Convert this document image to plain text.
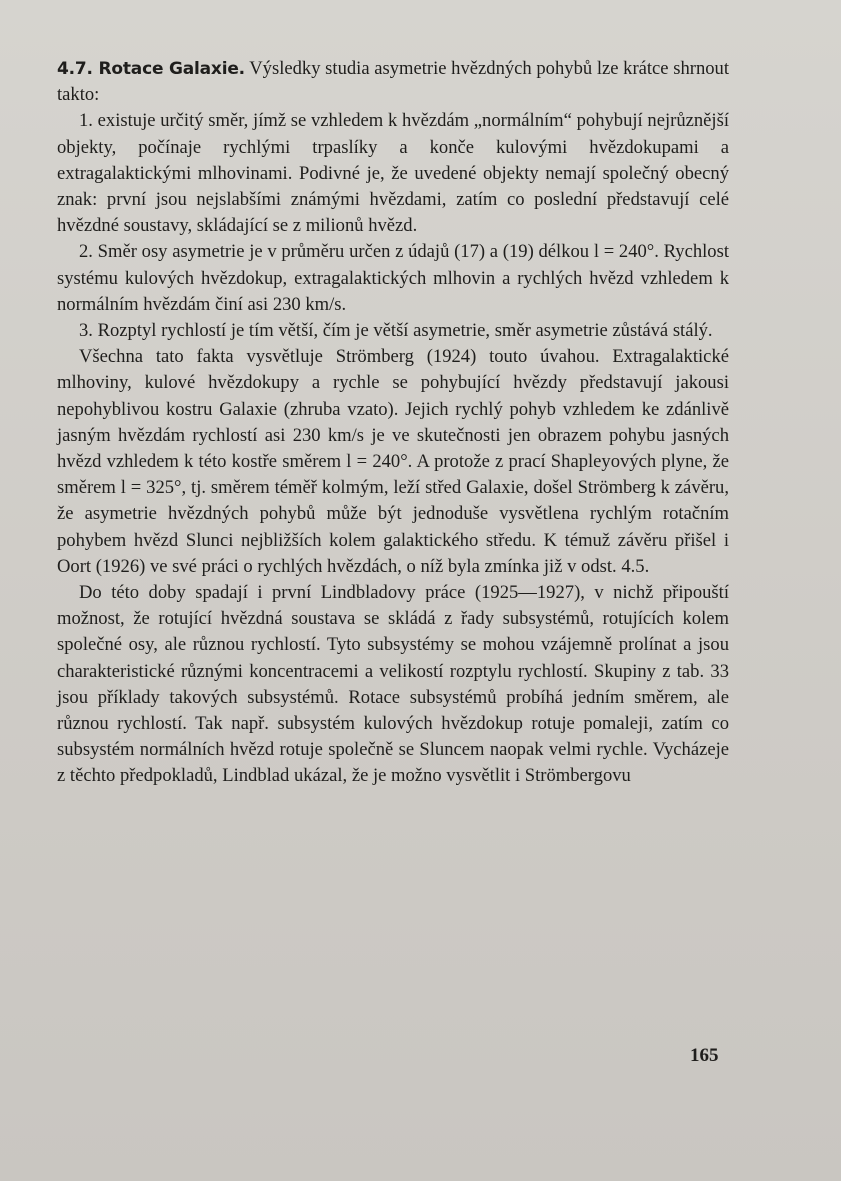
4.7. Rotace Galaxie. Výsledky studia asymetrie hvězdných pohybů lze krátce shrnout takto:

1. existuje určitý směr, jímž se vzhledem k hvězdám „normálním“ pohybují nejrůznější objekty, počínaje rychlými trpaslíky a konče kulovými hvězdokupami a extragalaktickými mlhovinami. Podivné je, že uvedené objekty nemají společný obecný znak: první jsou nejslabšími známými hvězdami, zatím co poslední představují celé hvězdné soustavy, skládající se z milionů hvězd.

2. Směr osy asymetrie je v průměru určen z údajů (17) a (19) délkou l = 240°. Rychlost systému kulových hvězdokup, extragalaktických mlhovin a rychlých hvězd vzhledem k normálním hvězdám činí asi 230 km/s.

3. Rozptyl rychlostí je tím větší, čím je větší asymetrie, směr asymetrie zůstává stálý.

Všechna tato fakta vysvětluje Strömberg (1924) touto úvahou. Extragalaktické mlhoviny, kulové hvězdokupy a rychle se pohybující hvězdy představují jakousi nepohyblivou kostru Galaxie (zhruba vzato). Jejich rychlý pohyb vzhledem ke zdánlivě jasným hvězdám rychlostí asi 230 km/s je ve skutečnosti jen obrazem pohybu jasných hvězd vzhledem k této kostře směrem l = 240°. A protože z prací Shapleyových plyne, že směrem l = 325°, tj. směrem téměř kolmým, leží střed Galaxie, došel Strömberg k závěru, že asymetrie hvězdných pohybů může být jednoduše vysvětlena rychlým rotačním pohybem hvězd Slunci nejbližších kolem galaktického středu. K témuž závěru přišel i Oort (1926) ve své práci o rychlých hvězdách, o níž byla zmínka již v odst. 4.5.

Do této doby spadají i první Lindbladovy práce (1925—1927), v nichž připouští možnost, že rotující hvězdná soustava se skládá z řady subsystémů, rotujících kolem společné osy, ale různou rychlostí. Tyto subsystémy se mohou vzájemně prolínat a jsou charakteristické různými koncentracemi a velikostí rozptylu rychlostí. Skupiny z tab. 33 jsou příklady takových subsystémů. Rotace subsystémů probíhá jedním směrem, ale různou rychlostí. Tak např. subsystém kulových hvězdokup rotuje pomaleji, zatím co subsystém normálních hvězd rotuje společně se Sluncem naopak velmi rychle. Vycházeje z těchto předpokladů, Lindblad ukázal, že je možno vysvětlit i Strömbergovu

165
